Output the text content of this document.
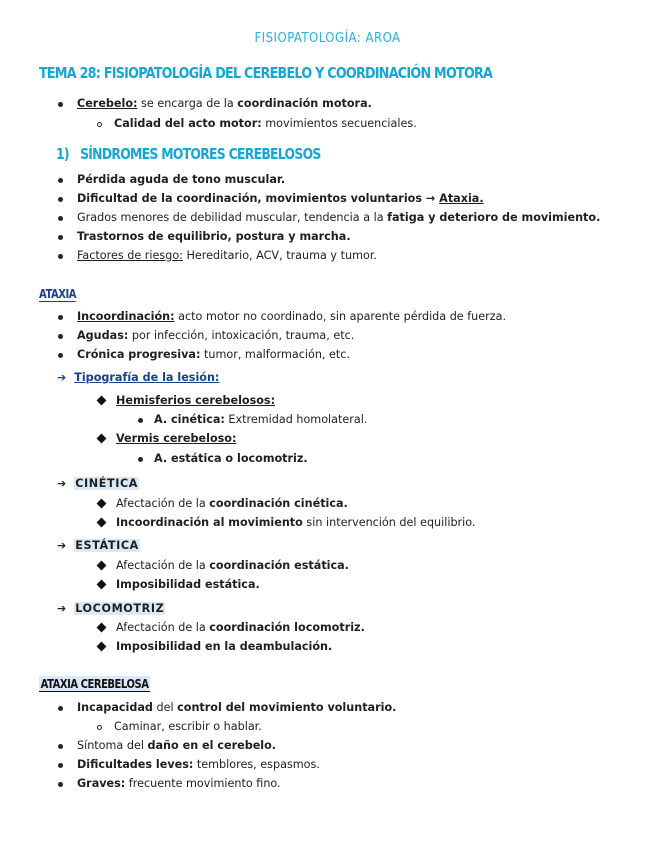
FISIOPATOLOGÍA: AROA
TEMA 28: FISIOPATOLOGÍA DEL CEREBELO Y COORDINACIÓN MOTORA
Cerebelo: se encarga de la coordinación motora.
Calidad del acto motor: movimientos secuenciales.
1) SÍNDROMES MOTORES CEREBELOSOS
Pérdida aguda de tono muscular.
Dificultad de la coordinación, movimientos voluntarios → Ataxia.
Grados menores de debilidad muscular, tendencia a la fatiga y deterioro de movimiento.
Trastornos de equilibrio, postura y marcha.
Factores de riesgo: Hereditario, ACV, trauma y tumor.
ATAXIA
Incoordinación: acto motor no coordinado, sin aparente pérdida de fuerza.
Agudas: por infección, intoxicación, trauma, etc.
Crónica progresiva: tumor, malformación, etc.
➔ Tipografía de la lesión:
Hemisferios cerebelosos:
A. cinética: Extremidad homolateral.
Vermis cerebeloso:
A. estática o locomotriz.
➔ CINÉTICA
Afectación de la coordinación cinética.
Incoordinación al movimiento sin intervención del equilibrio.
➔ ESTÁTICA
Afectación de la coordinación estática.
Imposibilidad estática.
➔ LOCOMOTRIZ
Afectación de la coordinación locomotriz.
Imposibilidad en la deambulación.
ATAXIA CEREBELOSA
Incapacidad del control del movimiento voluntario.
Caminar, escribir o hablar.
Síntoma del daño en el cerebelo.
Dificultades leves: temblores, espasmos.
Graves: frecuente movimiento fino.
